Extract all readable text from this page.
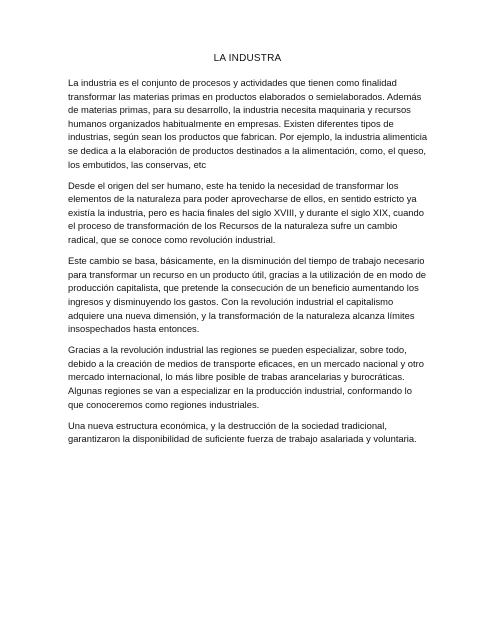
LA INDUSTRA

La industria es el conjunto de procesos y actividades que tienen como finalidad transformar las materias primas en productos elaborados o semielaborados. Además de materias primas, para su desarrollo, la industria necesita maquinaria y recursos humanos organizados habitualmente en empresas. Existen diferentes tipos de industrias, según sean los productos que fabrican. Por ejemplo, la industria alimenticia se dedica a la elaboración de productos destinados a la alimentación, como, el queso, los embutidos, las conservas, etc

Desde el origen del ser humano, este ha tenido la necesidad de transformar los elementos de la naturaleza para poder aprovecharse de ellos, en sentido estricto ya existía la industria, pero es hacia finales del siglo XVIII, y durante el siglo XIX, cuando el proceso de transformación de los Recursos de la naturaleza sufre un cambio radical, que se conoce como revolución industrial.

Este cambio se basa, básicamente, en la disminución del tiempo de trabajo necesario para transformar un recurso en un producto útil, gracias a la utilización de en modo de producción capitalista, que pretende la consecución de un beneficio aumentando los ingresos y disminuyendo los gastos. Con la revolución industrial el capitalismo adquiere una nueva dimensión, y la transformación de la naturaleza alcanza límites insospechados hasta entonces.

Gracias a la revolución industrial las regiones se pueden especializar, sobre todo, debido a la creación de medios de transporte eficaces, en un mercado nacional y otro mercado internacional, lo más libre posible de trabas arancelarias y burocráticas. Algunas regiones se van a especializar en la producción industrial, conformando lo que conoceremos como regiones industriales.

Una nueva estructura económica, y la destrucción de la sociedad tradicional, garantizaron la disponibilidad de suficiente fuerza de trabajo asalariada y voluntaria.
